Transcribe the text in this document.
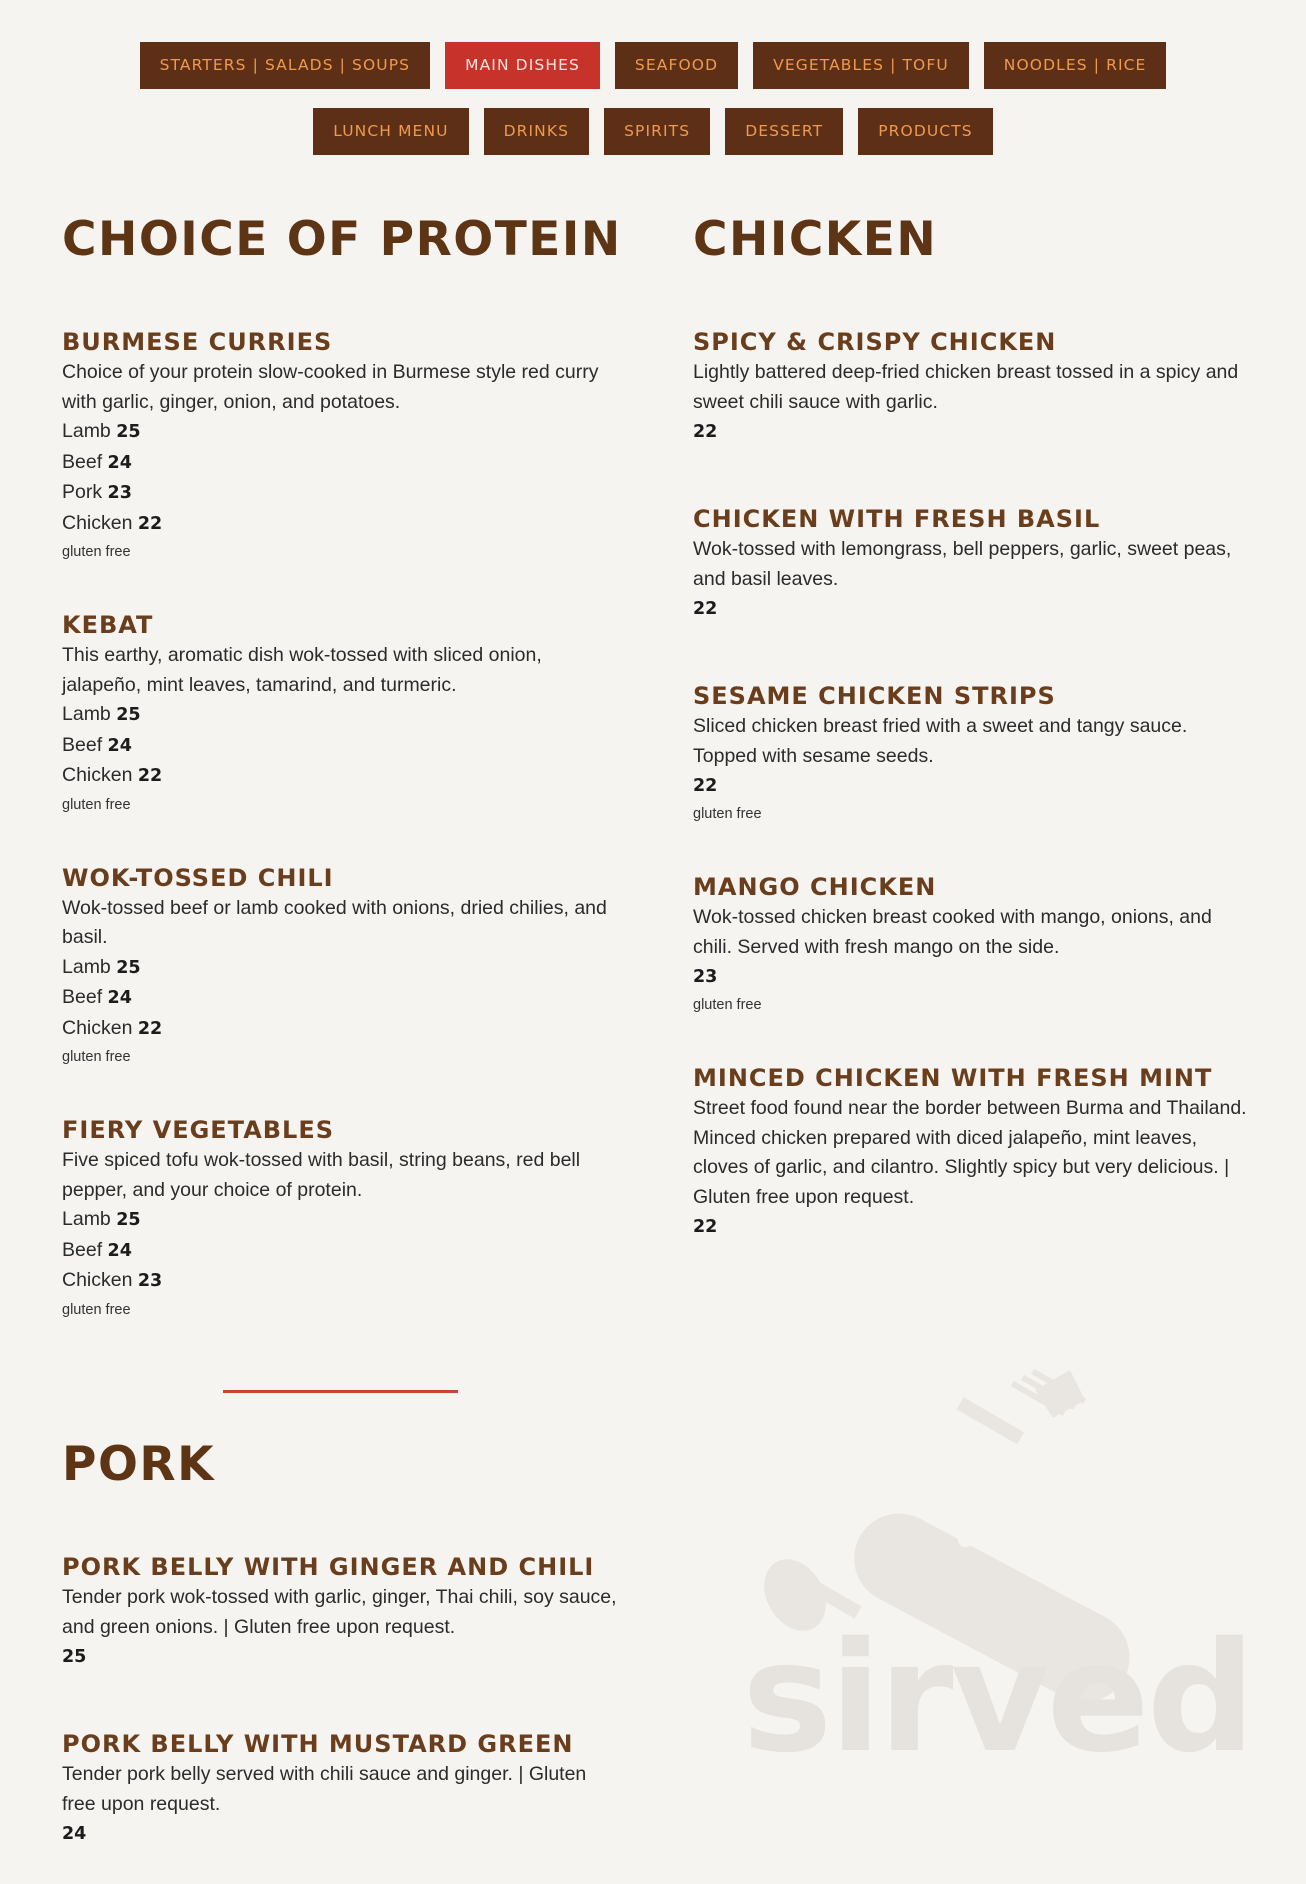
STARTERS | SALADS | SOUPS	MAIN DISHES	SEAFOOD	VEGETABLES | TOFU	NOODLES | RICE
LUNCH MENU	DRINKS	SPIRITS	DESSERT	PRODUCTS
sirved
CHOICE OF PROTEIN
BURMESE CURRIES

Choice of your protein slow-cooked in Burmese style red curry with garlic, ginger, onion, and potatoes.

Lamb 25
Beef 24
Pork 23
Chicken 22
gluten free
KEBAT

This earthy, aromatic dish wok-tossed with sliced onion, jalapeño, mint leaves, tamarind, and turmeric.

Lamb 25
Beef 24
Chicken 22
gluten free
WOK-TOSSED CHILI

Wok-tossed beef or lamb cooked with onions, dried chilies, and basil.

Lamb 25
Beef 24
Chicken 22
gluten free
FIERY VEGETABLES

Five spiced tofu wok-tossed with basil, string beans, red bell pepper, and your choice of protein.

Lamb 25
Beef 24
Chicken 23
gluten free
CHICKEN
SPICY & CRISPY CHICKEN

Lightly battered deep-fried chicken breast tossed in a spicy and sweet chili sauce with garlic.

22
CHICKEN WITH FRESH BASIL

Wok-tossed with lemongrass, bell peppers, garlic, sweet peas, and basil leaves.

22
SESAME CHICKEN STRIPS

Sliced chicken breast fried with a sweet and tangy sauce. Topped with sesame seeds.

22
gluten free
MANGO CHICKEN

Wok-tossed chicken breast cooked with mango, onions, and chili. Served with fresh mango on the side.

23
gluten free
MINCED CHICKEN WITH FRESH MINT

Street food found near the border between Burma and Thailand. Minced chicken prepared with diced jalapeño, mint leaves, cloves of garlic, and cilantro. Slightly spicy but very delicious. | Gluten free upon request.

22
PORK
PORK BELLY WITH GINGER AND CHILI

Tender pork wok-tossed with garlic, ginger, Thai chili, soy sauce, and green onions. | Gluten free upon request.

25
PORK BELLY WITH MUSTARD GREEN

Tender pork belly served with chili sauce and ginger. | Gluten free upon request.

24
